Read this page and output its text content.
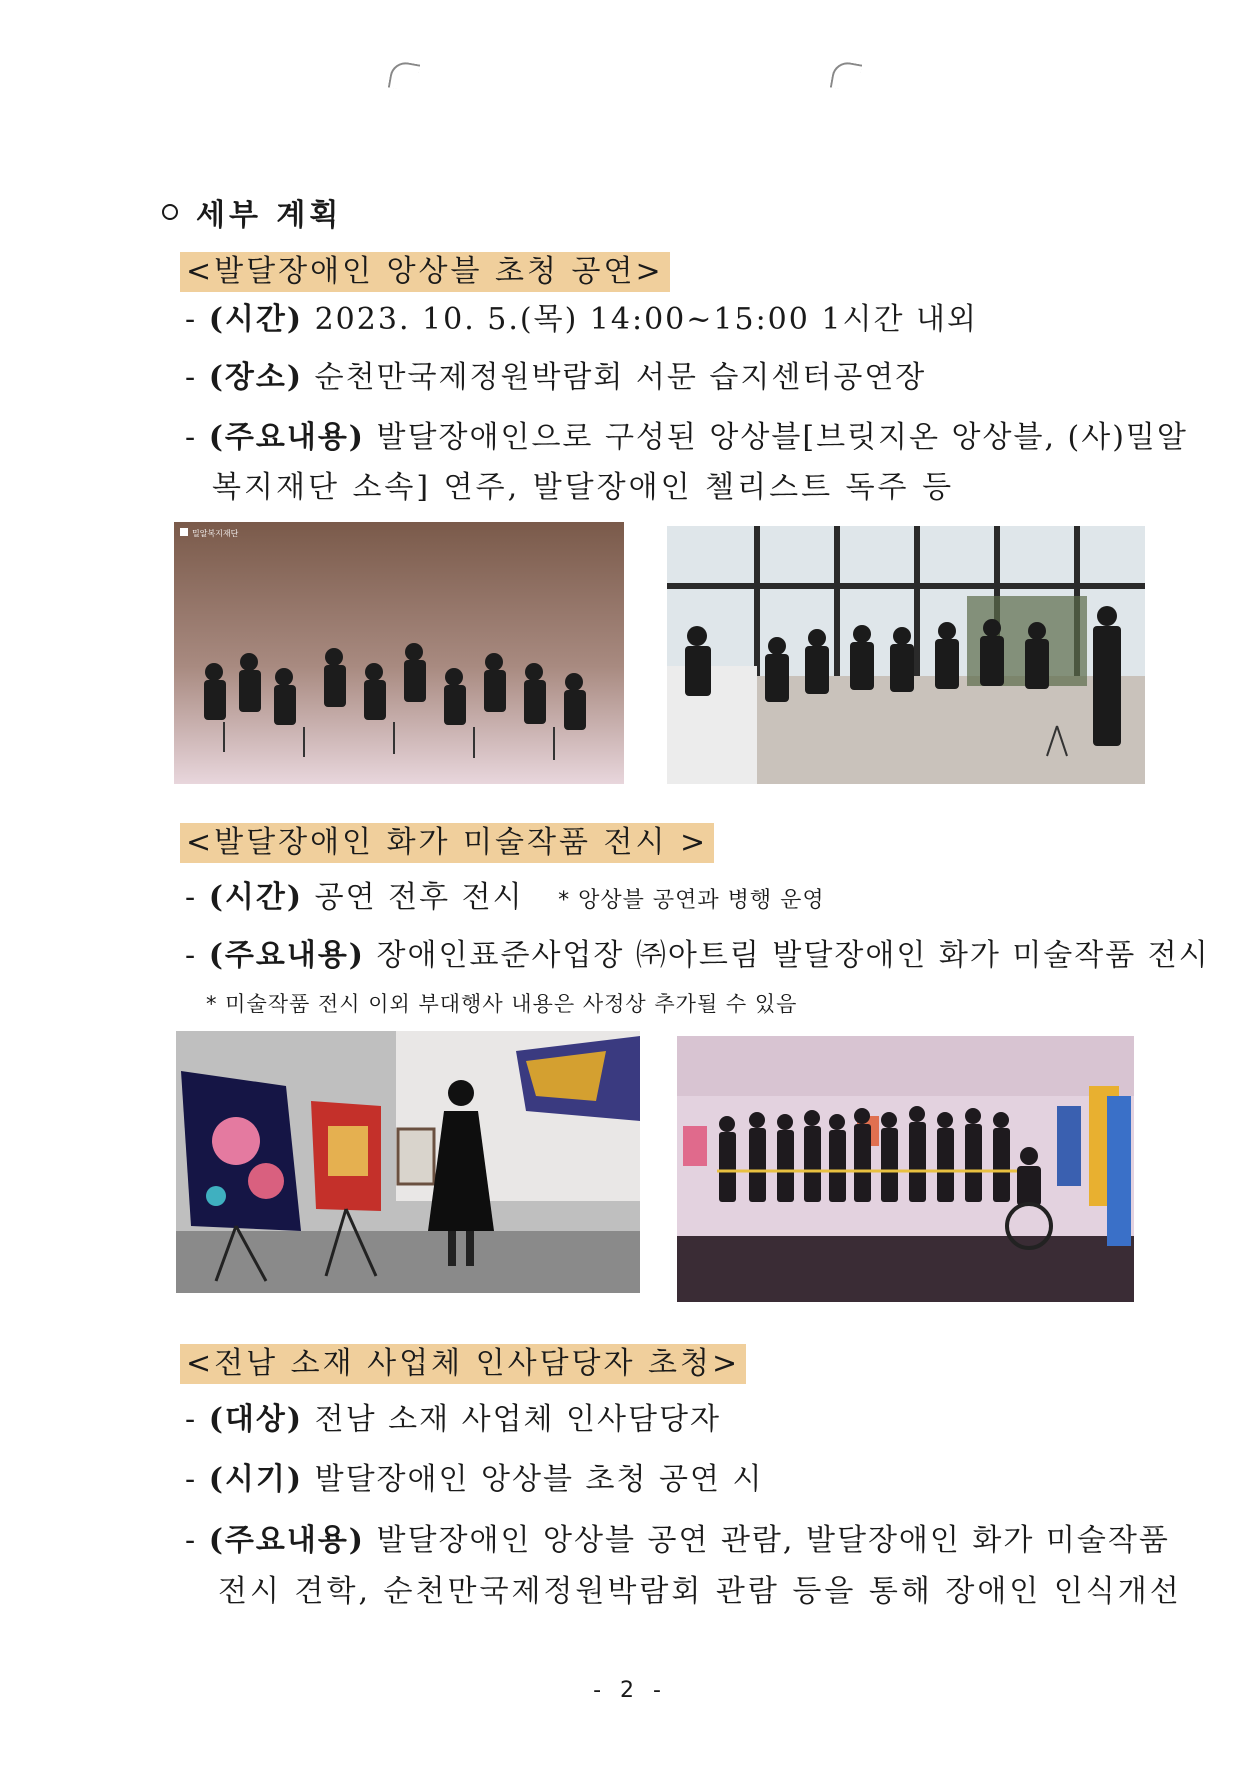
세부 계획
<발달장애인 앙상블 초청 공연>
- (시간) 2023. 10. 5.(목) 14:00~15:00 1시간 내외
- (장소) 순천만국제정원박람회 서문 습지센터공연장
- (주요내용) 발달장애인으로 구성된 앙상블[브릿지온 앙상블, (사)밀알
복지재단 소속] 연주, 발달장애인 첼리스트 독주 등
밀알복지재단
<발달장애인 화가 미술작품 전시 >
- (시간) 공연 전후 전시 * 앙상블 공연과 병행 운영
- (주요내용) 장애인표준사업장 ㈜아트림 발달장애인 화가 미술작품 전시
* 미술작품 전시 이외 부대행사 내용은 사정상 추가될 수 있음
<전남 소재 사업체 인사담당자 초청>
- (대상) 전남 소재 사업체 인사담당자
- (시기) 발달장애인 앙상블 초청 공연 시
- (주요내용) 발달장애인 앙상블 공연 관람, 발달장애인 화가 미술작품
전시 견학, 순천만국제정원박람회 관람 등을 통해 장애인 인식개선
- 2 -
